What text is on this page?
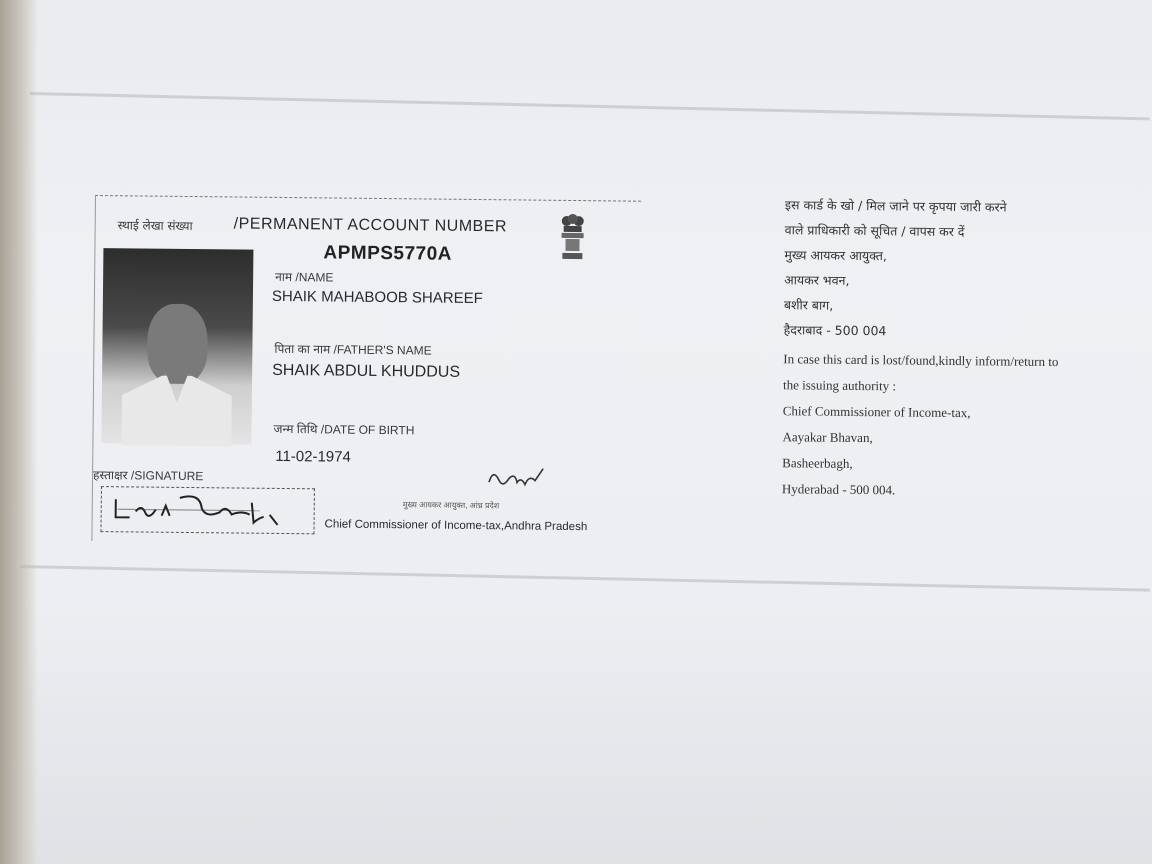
स्थाई लेखा संख्या	/PERMANENT ACCOUNT NUMBER
APMPS5770A
नाम /NAME
SHAIK MAHABOOB SHAREEF
पिता का नाम /FATHER'S NAME
SHAIK ABDUL KHUDDUS
जन्म तिथि /DATE OF BIRTH
11-02-1974
हस्ताक्षर /SIGNATURE
मुख्य आयकर आयुक्त, आंध्र प्रदेश
Chief Commissioner of Income-tax,Andhra Pradesh

इस कार्ड के खो / मिल जाने पर कृपया जारी करने

वाले प्राधिकारी को सूचित / वापस कर दें

मुख्य आयकर आयुक्त,

आयकर भवन,

बशीर बाग,

हैदराबाद - 500 004

In case this card is lost/found,kindly inform/return to

the issuing authority :

Chief Commissioner of Income-tax,

Aayakar Bhavan,

Basheerbagh,

Hyderabad - 500 004.
